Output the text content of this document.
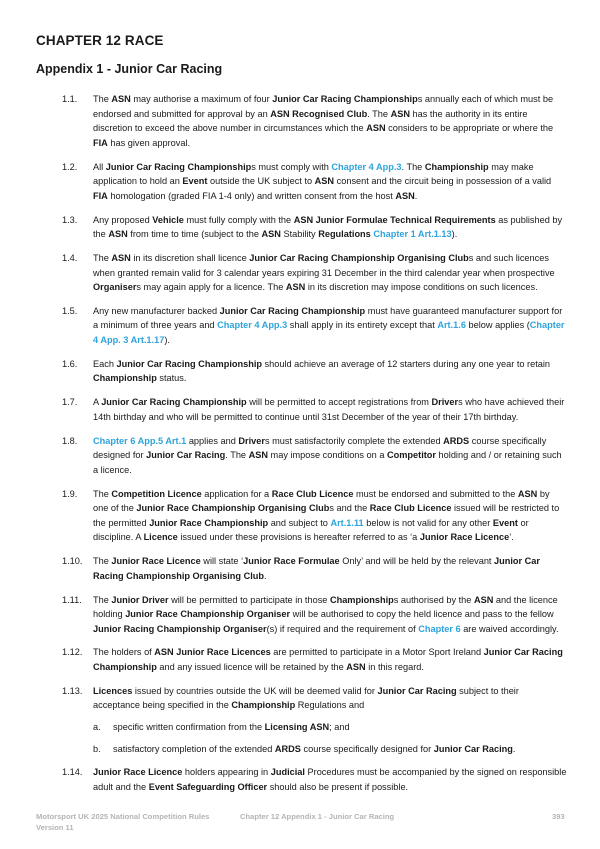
CHAPTER 12 RACE
Appendix 1 - Junior Car Racing
1.1. The ASN may authorise a maximum of four Junior Car Racing Championships annually each of which must be endorsed and submitted for approval by an ASN Recognised Club. The ASN has the authority in its entire discretion to exceed the above number in circumstances which the ASN considers to be appropriate or where the FIA has given approval.
1.2. All Junior Car Racing Championships must comply with Chapter 4 App.3. The Championship may make application to hold an Event outside the UK subject to ASN consent and the circuit being in possession of a valid FIA homologation (graded FIA 1-4 only) and written consent from the host ASN.
1.3. Any proposed Vehicle must fully comply with the ASN Junior Formulae Technical Requirements as published by the ASN from time to time (subject to the ASN Stability Regulations Chapter 1 Art.1.13).
1.4. The ASN in its discretion shall licence Junior Car Racing Championship Organising Clubs and such licences when granted remain valid for 3 calendar years expiring 31 December in the third calendar year when prospective Organisers may again apply for a licence. The ASN in its discretion may impose conditions on such licences.
1.5. Any new manufacturer backed Junior Car Racing Championship must have guaranteed manufacturer support for a minimum of three years and Chapter 4 App.3 shall apply in its entirety except that Art.1.6 below applies (Chapter 4 App. 3 Art.1.17).
1.6. Each Junior Car Racing Championship should achieve an average of 12 starters during any one year to retain Championship status.
1.7. A Junior Car Racing Championship will be permitted to accept registrations from Drivers who have achieved their 14th birthday and who will be permitted to continue until 31st December of the year of their 17th birthday.
1.8. Chapter 6 App.5 Art.1 applies and Drivers must satisfactorily complete the extended ARDS course specifically designed for Junior Car Racing. The ASN may impose conditions on a Competitor holding and / or retaining such a licence.
1.9. The Competition Licence application for a Race Club Licence must be endorsed and submitted to the ASN by one of the Junior Race Championship Organising Clubs and the Race Club Licence issued will be restricted to the permitted Junior Race Championship and subject to Art.1.11 below is not valid for any other Event or discipline. A Licence issued under these provisions is hereafter referred to as ‘a Junior Race Licence’.
1.10. The Junior Race Licence will state ‘Junior Race Formulae Only’ and will be held by the relevant Junior Car Racing Championship Organising Club.
1.11. The Junior Driver will be permitted to participate in those Championships authorised by the ASN and the licence holding Junior Race Championship Organiser will be authorised to copy the held licence and pass to the fellow Junior Racing Championship Organiser(s) if required and the requirement of Chapter 6 are waived accordingly.
1.12. The holders of ASN Junior Race Licences are permitted to participate in a Motor Sport Ireland Junior Car Racing Championship and any issued licence will be retained by the ASN in this regard.
1.13. Licences issued by countries outside the UK will be deemed valid for Junior Car Racing subject to their acceptance being specified in the Championship Regulations and
a. specific written confirmation from the Licensing ASN; and
b. satisfactory completion of the extended ARDS course specifically designed for Junior Car Racing.
1.14. Junior Race Licence holders appearing in Judicial Procedures must be accompanied by the signed on responsible adult and the Event Safeguarding Officer should also be present if possible.
Motorsport UK 2025 National Competition Rules
Version 11
Chapter 12 Appendix 1 - Junior Car Racing	393
